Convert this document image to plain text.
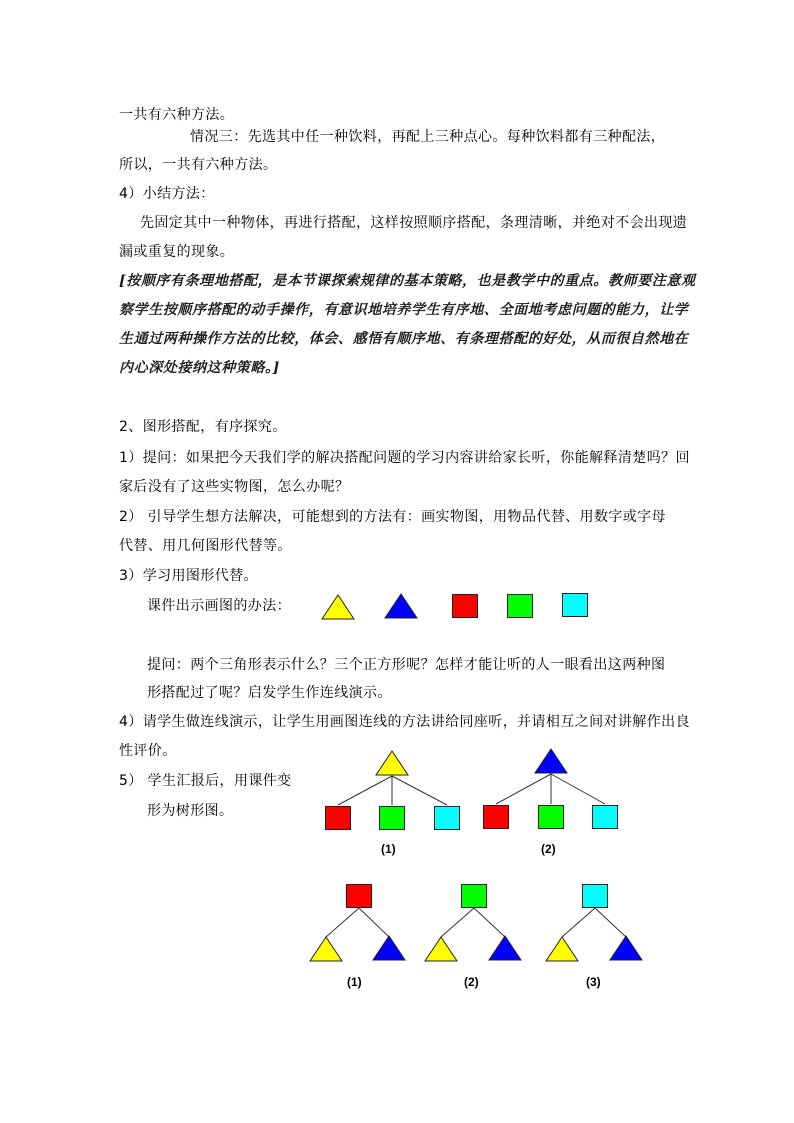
一共有六种方法。
情况三：先选其中任一种饮料，再配上三种点心。每种饮料都有三种配法，
所以，一共有六种方法。
4）小结方法：
先固定其中一种物体，再进行搭配，这样按照顺序搭配，条理清晰，并绝对不会出现遗
漏或重复的现象。
[按顺序有条理地搭配，是本节课探索规律的基本策略，也是教学中的重点。教师要注意观
察学生按顺序搭配的动手操作，有意识地培养学生有序地、全面地考虑问题的能力，让学
生通过两种操作方法的比较，体会、感悟有顺序地、有条理搭配的好处，从而很自然地在
内心深处接纳这种策略。]
2、图形搭配，有序探究。
1）提问：如果把今天我们学的解决搭配问题的学习内容讲给家长听，你能解释清楚吗？回
家后没有了这些实物图，怎么办呢？
2） 引导学生想方法解决，可能想到的方法有：画实物图，用物品代替、用数字或字母
代替、用几何图形代替等。
3）学习用图形代替。
课件出示画图的办法：
提问：两个三角形表示什么？三个正方形呢？怎样才能让听的人一眼看出这两种图
形搭配过了呢？启发学生作连线演示。
4）请学生做连线演示，让学生用画图连线的方法讲给同座听，并请相互之间对讲解作出良
性评价。
5） 学生汇报后，用课件变
形为树形图。
(1)	(2)
(1)	(2)	(3)
